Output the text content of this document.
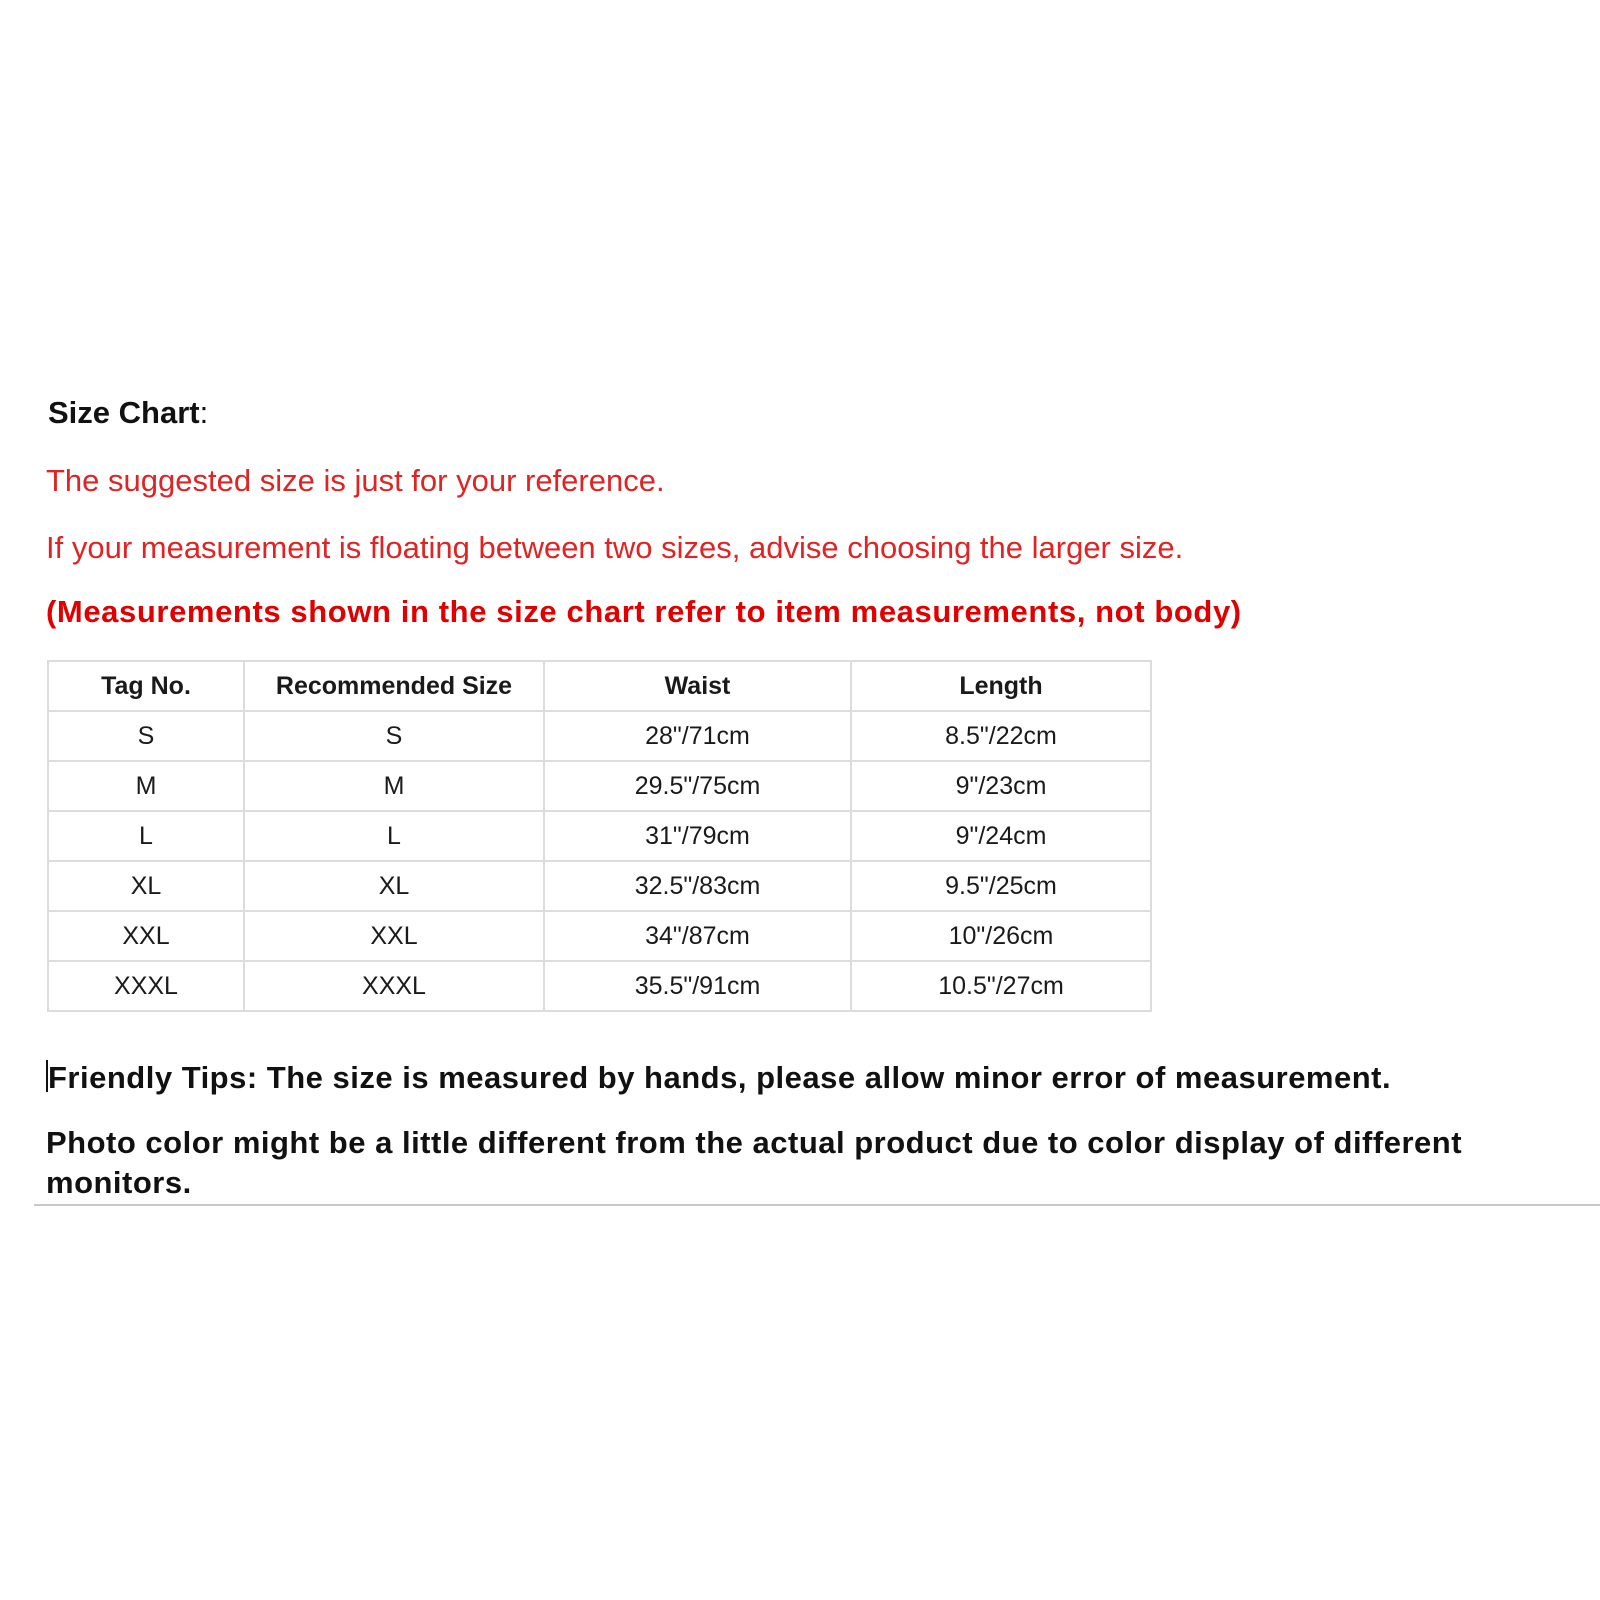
Size Chart:
The suggested size is just for your reference.
If your measurement is floating between two sizes, advise choosing the larger size.
(Measurements shown in the size chart refer to item measurements, not body)
Tag No.	Recommended Size	Waist	Length
S	S	28"/71cm	8.5"/22cm
M	M	29.5"/75cm	9"/23cm
L	L	31"/79cm	9"/24cm
XL	XL	32.5"/83cm	9.5"/25cm
XXL	XXL	34"/87cm	10"/26cm
XXXL	XXXL	35.5"/91cm	10.5"/27cm
Friendly Tips: The size is measured by hands, please allow minor error of measurement.
Photo color might be a little different from the actual product due to color display of different monitors.
